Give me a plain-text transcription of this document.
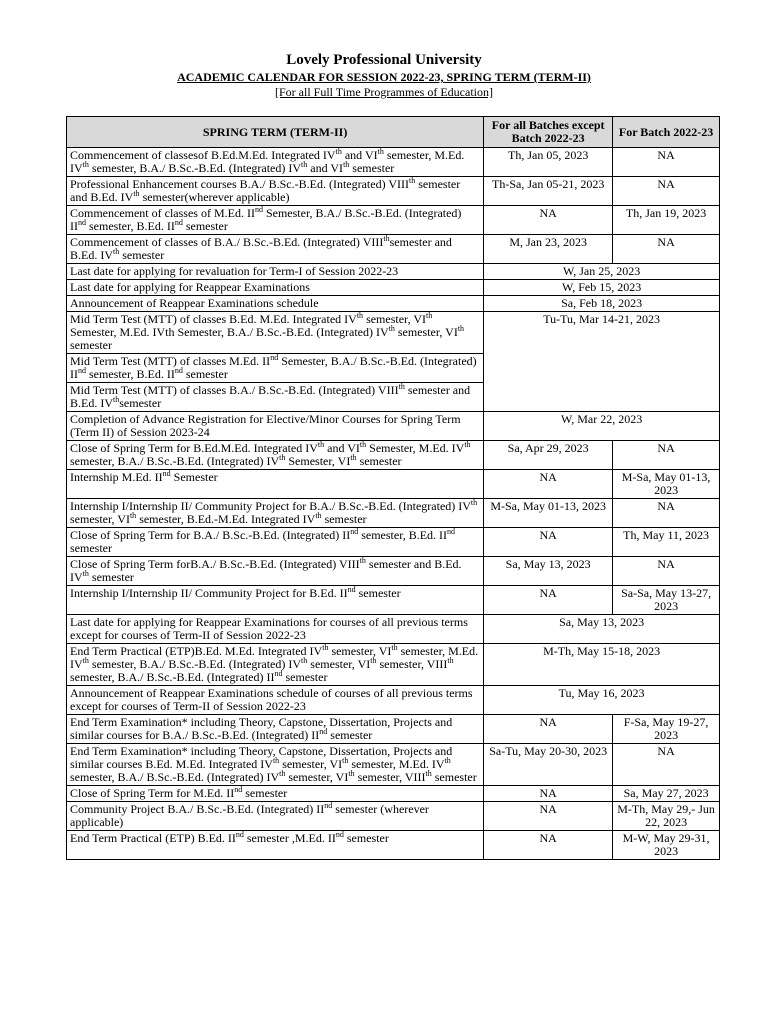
Lovely Professional University
ACADEMIC CALENDAR FOR SESSION 2022-23, SPRING TERM (TERM-II)
[For all Full Time Programmes of Education]
SPRING TERM (TERM-II)	For all Batches except Batch 2022-23	For Batch 2022-23
Commencement of classesof B.Ed.M.Ed. Integrated IVth and VIth semester, M.Ed. IVth semester, B.A./ B.Sc.-B.Ed. (Integrated) IVth and VIth semester	Th, Jan 05, 2023	NA
Professional Enhancement courses B.A./ B.Sc.-B.Ed. (Integrated) VIIIth semester and B.Ed. IVth semester(wherever applicable)	Th-Sa, Jan 05-21, 2023	NA
Commencement of classes of M.Ed. IInd Semester, B.A./ B.Sc.-B.Ed. (Integrated) IInd semester, B.Ed. IInd semester	NA	Th, Jan 19, 2023
Commencement of classes of B.A./ B.Sc.-B.Ed. (Integrated) VIIIthsemester and B.Ed. IVth semester	M, Jan 23, 2023	NA
Last date for applying for revaluation for Term-I of Session 2022-23	W, Jan 25, 2023	
Last date for applying for Reappear Examinations	W, Feb 15, 2023	
Announcement of Reappear Examinations schedule	Sa, Feb 18, 2023	
Mid Term Test (MTT) of classes B.Ed. M.Ed. Integrated IVth semester, VIth Semester, M.Ed. IVth Semester, B.A./ B.Sc.-B.Ed. (Integrated) IVth semester, VIth semester	Tu-Tu, Mar 14-21, 2023	
Mid Term Test (MTT) of classes M.Ed. IInd Semester, B.A./ B.Sc.-B.Ed. (Integrated) IInd semester, B.Ed. IInd semester		
Mid Term Test (MTT) of classes B.A./ B.Sc.-B.Ed. (Integrated) VIIIth semester and B.Ed. IVthsemester		
Completion of Advance Registration for Elective/Minor Courses for Spring Term (Term II) of Session 2023-24	W, Mar 22, 2023	
Close of Spring Term for B.Ed.M.Ed. Integrated IVth and VIth Semester, M.Ed. IVth semester, B.A./ B.Sc.-B.Ed. (Integrated) IVth Semester, VIth semester	Sa, Apr 29, 2023	NA
Internship M.Ed. IInd Semester	NA	M-Sa, May 01-13, 2023
Internship I/Internship II/ Community Project for B.A./ B.Sc.-B.Ed. (Integrated) IVth semester, VIth semester, B.Ed.-M.Ed. Integrated IVth semester	M-Sa, May 01-13, 2023	NA
Close of Spring Term for B.A./ B.Sc.-B.Ed. (Integrated) IInd semester, B.Ed. IInd semester	NA	Th, May 11, 2023
Close of Spring Term forB.A./ B.Sc.-B.Ed. (Integrated) VIIIth semester and B.Ed. IVth semester	Sa, May 13, 2023	NA
Internship I/Internship II/ Community Project for B.Ed. IInd semester	NA	Sa-Sa, May 13-27, 2023
Last date for applying for Reappear Examinations for courses of all previous terms except for courses of Term-II of Session 2022-23	Sa, May 13, 2023	
End Term Practical (ETP)B.Ed. M.Ed. Integrated IVth semester, VIth semester, M.Ed. IVth semester, B.A./ B.Sc.-B.Ed. (Integrated) IVth semester, VIth semester, VIIIth semester, B.A./ B.Sc.-B.Ed. (Integrated) IInd semester	M-Th, May 15-18, 2023	
Announcement of Reappear Examinations schedule of courses of all previous terms except for courses of Term-II of Session 2022-23	Tu, May 16, 2023	
End Term Examination* including Theory, Capstone, Dissertation, Projects and similar courses for B.A./ B.Sc.-B.Ed. (Integrated) IInd semester	NA	F-Sa, May 19-27, 2023
End Term Examination* including Theory, Capstone, Dissertation, Projects and similar courses B.Ed. M.Ed. Integrated IVth semester, VIth semester, M.Ed. IVth semester, B.A./ B.Sc.-B.Ed. (Integrated) IVth semester, VIth semester, VIIIth semester	Sa-Tu, May 20-30, 2023	NA
Close of Spring Term for M.Ed. IInd semester	NA	Sa, May 27, 2023
Community Project B.A./ B.Sc.-B.Ed. (Integrated) IInd semester (wherever applicable)	NA	M-Th, May 29,- Jun 22, 2023
End Term Practical (ETP) B.Ed. IInd semester ,M.Ed. IInd semester	NA	M-W, May 29-31, 2023
